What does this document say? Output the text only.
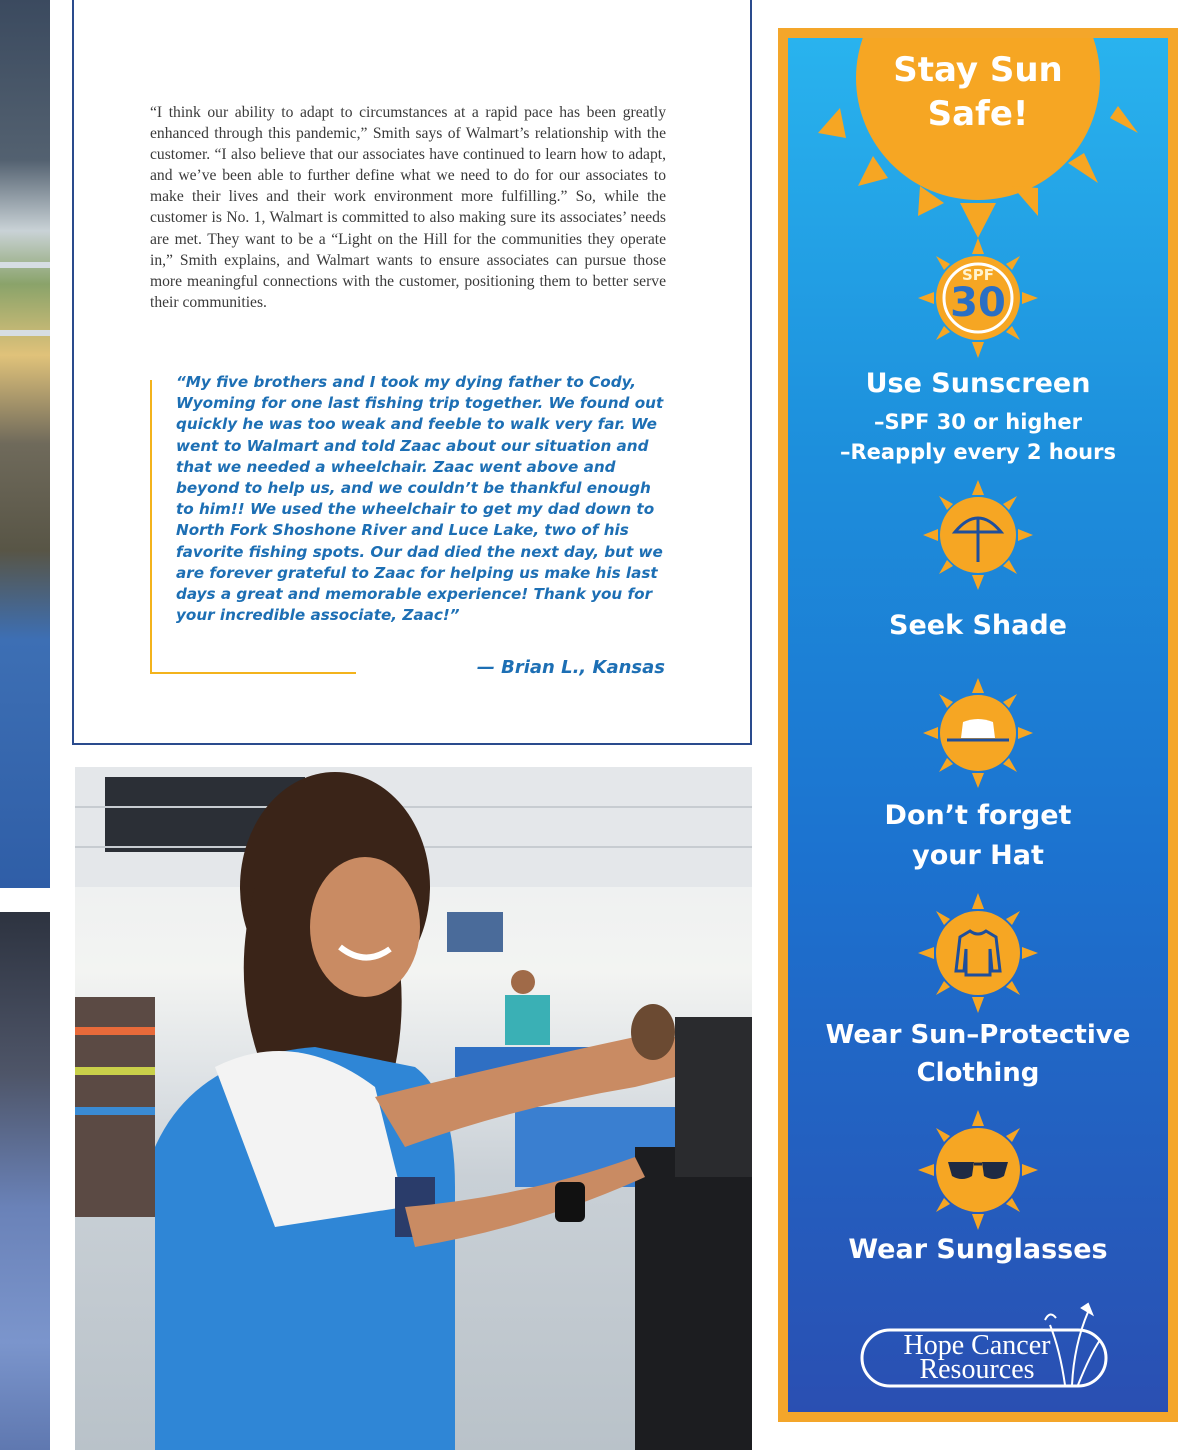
“I think our ability to adapt to circumstances at a rapid pace has been greatly enhanced through this pandemic,” Smith says of Walmart’s relationship with the customer. “I also believe that our associates have continued to learn how to adapt, and we’ve been able to further define what we need to do for our associates to make their lives and their work environment more fulfilling.” So, while the customer is No. 1, Walmart is committed to also making sure its associates’ needs are met. They want to be a “Light on the Hill for the communities they operate in,” Smith explains, and Walmart wants to ensure associates can pursue those more meaningful connections with the customer, positioning them to better serve their communities.

“My five brothers and I took my dying father to Cody, Wyoming for one last fishing trip together. We found out quickly he was too weak and feeble to walk very far. We went to Walmart and told Zaac about our situation and that we needed a wheelchair. Zaac went above and beyond to help us, and we couldn’t be thankful enough to him!! We used the wheelchair to get my dad down to North Fork Shoshone River and Luce Lake, two of his favorite fishing spots. Our dad died the next day, but we are forever grateful to Zaac for helping us make his last days a great and memorable experience! Thank you for your incredible associate, Zaac!”

— Brian L., Kansas
Stay Sun
Safe!
SPF
30
Use Sunscreen
–SPF 30 or higher
–Reapply every 2 hours
Seek Shade
Don’t forget
your Hat
Wear Sun–Protective
Clothing
Wear Sunglasses
Hope Cancer
Resources
